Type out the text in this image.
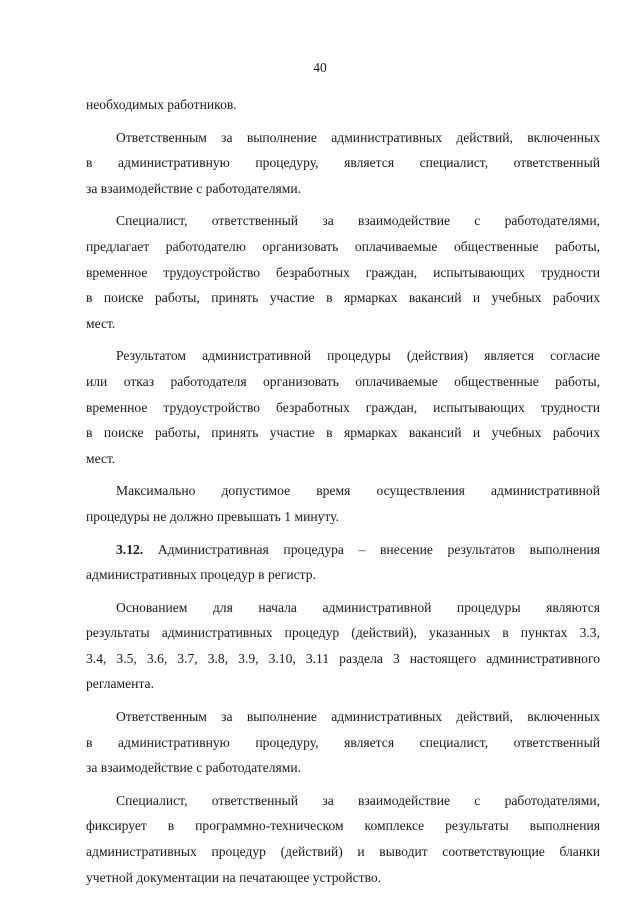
40

необходимых работников.

Ответственным за выполнение административных действий, включенных
в административную процедуру, является специалист, ответственный
за взаимодействие с работодателями.
Специалист, ответственный за взаимодействие с работодателями,
предлагает работодателю организовать оплачиваемые общественные работы,
временное трудоустройство безработных граждан, испытывающих трудности
в поиске работы, принять участие в ярмарках вакансий и учебных рабочих
мест.
Результатом административной процедуры (действия) является согласие
или отказ работодателя организовать оплачиваемые общественные работы,
временное трудоустройство безработных граждан, испытывающих трудности
в поиске работы, принять участие в ярмарках вакансий и учебных рабочих
мест.
Максимально допустимое время осуществления административной
процедуры не должно превышать 1 минуту.
3.12. Административная процедура – внесение результатов выполнения
административных процедур в регистр.
Основанием для начала административной процедуры являются
результаты административных процедур (действий), указанных в пунктах 3.3,
3.4, 3.5, 3.6, 3.7, 3.8, 3.9, 3.10, 3.11 раздела 3 настоящего административного
регламента.
Ответственным за выполнение административных действий, включенных
в административную процедуру, является специалист, ответственный
за взаимодействие с работодателями.
Специалист, ответственный за взаимодействие с работодателями,
фиксирует в программно-техническом комплексе результаты выполнения
административных процедур (действий) и выводит соответствующие бланки
учетной документации на печатающее устройство.
